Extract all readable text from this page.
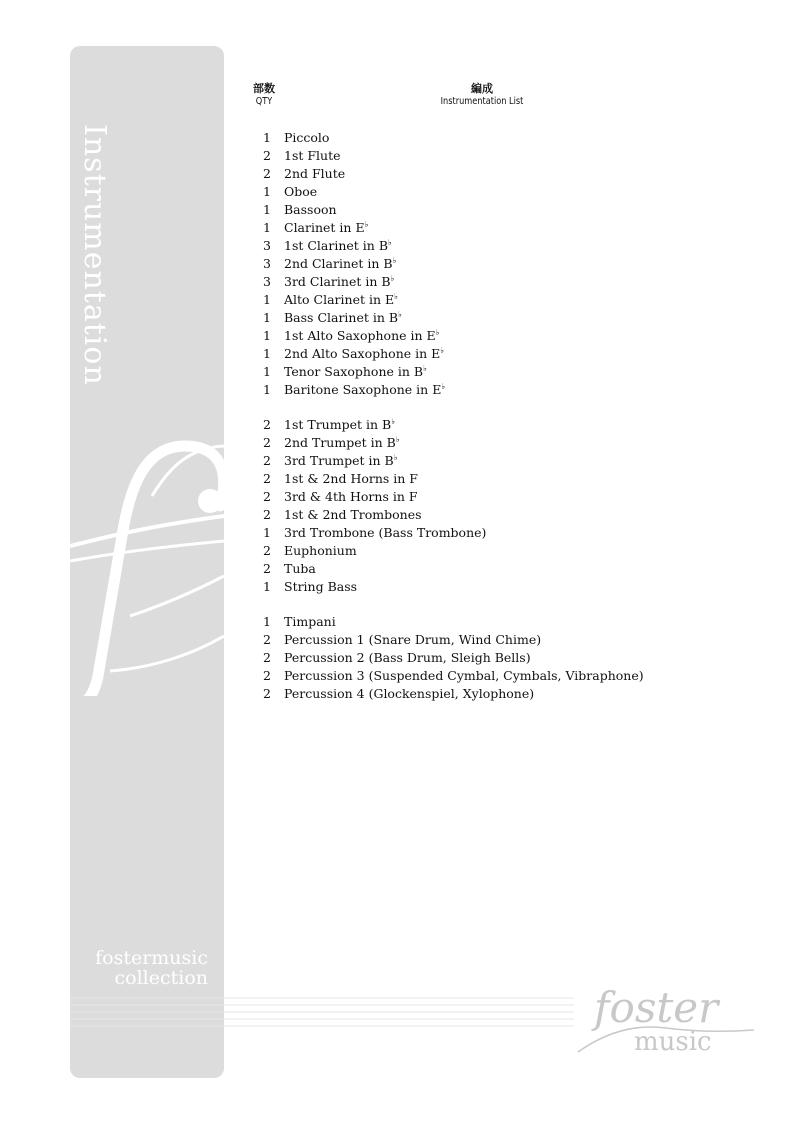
Instrumentation
fostermusic
collection
部数
QTY
編成
Instrumentation List
1	Piccolo
2	1st Flute
2	2nd Flute
1	Oboe
1	Bassoon
1	Clarinet in E♭
3	1st Clarinet in B♭
3	2nd Clarinet in B♭
3	3rd Clarinet in B♭
1	Alto Clarinet in E♭
1	Bass Clarinet in B♭
1	1st Alto Saxophone in E♭
1	2nd Alto Saxophone in E♭
1	Tenor Saxophone in B♭
1	Baritone Saxophone in E♭
2	1st Trumpet in B♭
2	2nd Trumpet in B♭
2	3rd Trumpet in B♭
2	1st & 2nd Horns in F
2	3rd & 4th Horns in F
2	1st & 2nd Trombones
1	3rd Trombone (Bass Trombone)
2	Euphonium
2	Tuba
1	String Bass
1	Timpani
2	Percussion 1 (Snare Drum, Wind Chime)
2	Percussion 2 (Bass Drum, Sleigh Bells)
2	Percussion 3 (Suspended Cymbal, Cymbals, Vibraphone)
2	Percussion 4 (Glockenspiel, Xylophone)
foster
music
